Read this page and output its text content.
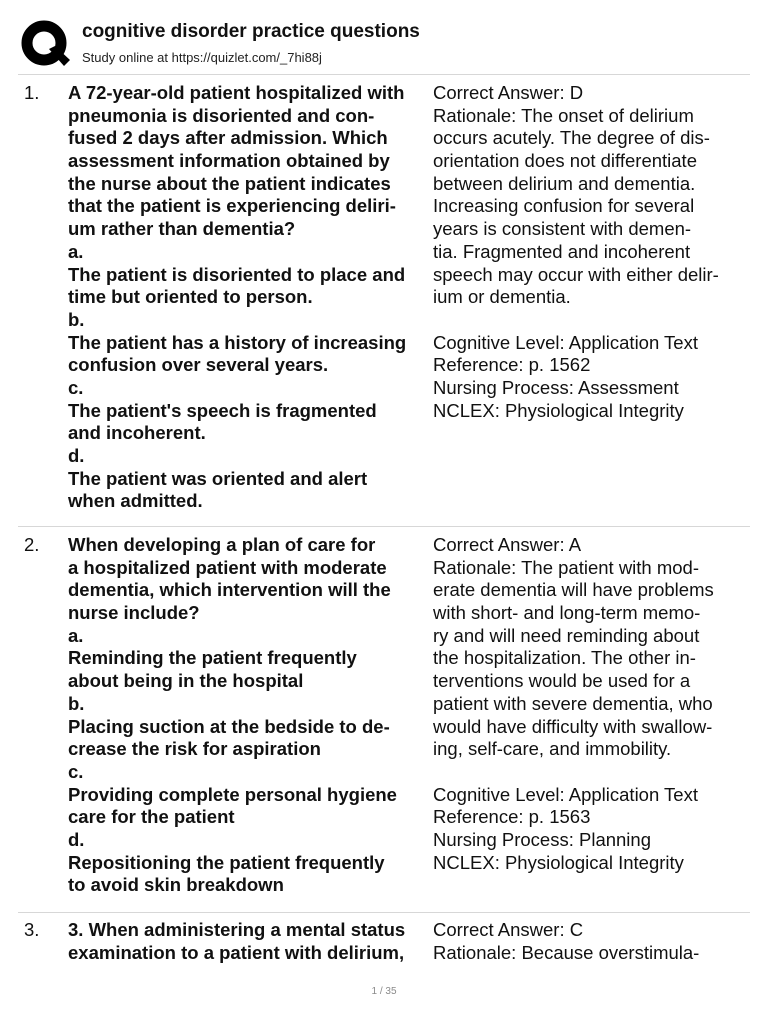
cognitive disorder practice questions
Study online at https://quizlet.com/_7hi88j
1. A 72-year-old patient hospitalized with
pneumonia is disoriented and con-
fused 2 days after admission. Which
assessment information obtained by
the nurse about the patient indicates
that the patient is experiencing deliri-
um rather than dementia?
a.
The patient is disoriented to place and
time but oriented to person.
b.
The patient has a history of increasing
confusion over several years.
c.
The patient's speech is fragmented
and incoherent.
d.
The patient was oriented and alert
when admitted.
Correct Answer: D
Rationale: The onset of delirium
occurs acutely. The degree of dis-
orientation does not differentiate
between delirium and dementia.
Increasing confusion for several
years is consistent with demen-
tia. Fragmented and incoherent
speech may occur with either delir-
ium or dementia.
Cognitive Level: Application Text
Reference: p. 1562
Nursing Process: Assessment
NCLEX: Physiological Integrity
2. When developing a plan of care for
a hospitalized patient with moderate
dementia, which intervention will the
nurse include?
a.
Reminding the patient frequently
about being in the hospital
b.
Placing suction at the bedside to de-
crease the risk for aspiration
c.
Providing complete personal hygiene
care for the patient
d.
Repositioning the patient frequently
to avoid skin breakdown
Correct Answer: A
Rationale: The patient with mod-
erate dementia will have problems
with short- and long-term memo-
ry and will need reminding about
the hospitalization. The other in-
terventions would be used for a
patient with severe dementia, who
would have difficulty with swallow-
ing, self-care, and immobility.
Cognitive Level: Application Text
Reference: p. 1563
Nursing Process: Planning
NCLEX: Physiological Integrity
3. 3. When administering a mental status
examination to a patient with delirium,
Correct Answer: C
Rationale: Because overstimula-
1 / 35
